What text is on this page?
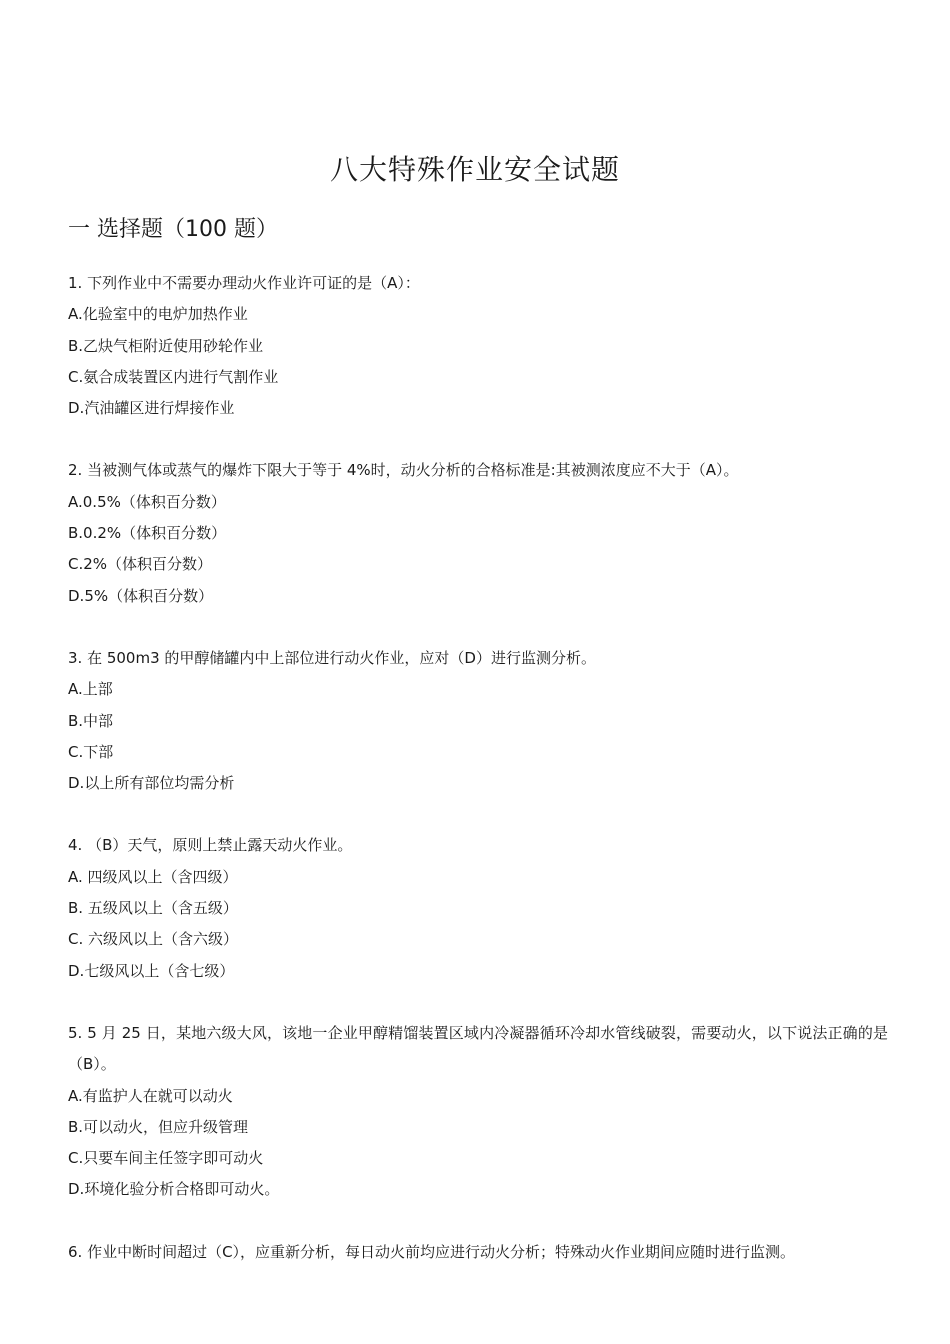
八大特殊作业安全试题
一 选择题（100 题）

1. 下列作业中不需要办理动火作业许可证的是（A）：

A.化验室中的电炉加热作业

B.乙炔气柜附近使用砂轮作业

C.氨合成装置区内进行气割作业

D.汽油罐区进行焊接作业

2. 当被测气体或蒸气的爆炸下限大于等于 4%时，动火分析的合格标准是:其被测浓度应不大于（A）。

A.0.5%（体积百分数）

B.0.2%（体积百分数）

C.2%（体积百分数）

D.5%（体积百分数）

3. 在 500m3 的甲醇储罐内中上部位进行动火作业，应对（D）进行监测分析。

A.上部

B.中部

C.下部

D.以上所有部位均需分析

4. （B）天气，原则上禁止露天动火作业。

A. 四级风以上（含四级）

B. 五级风以上（含五级）

C. 六级风以上（含六级）

D.七级风以上（含七级）

5. 5 月 25 日，某地六级大风，该地一企业甲醇精馏装置区域内冷凝器循环冷却水管线破裂，需要动火，以下说法正确的是（B）。

A.有监护人在就可以动火

B.可以动火，但应升级管理

C.只要车间主任签字即可动火

D.环境化验分析合格即可动火。

6. 作业中断时间超过（C），应重新分析，每日动火前均应进行动火分析；特殊动火作业期间应随时进行监测。
